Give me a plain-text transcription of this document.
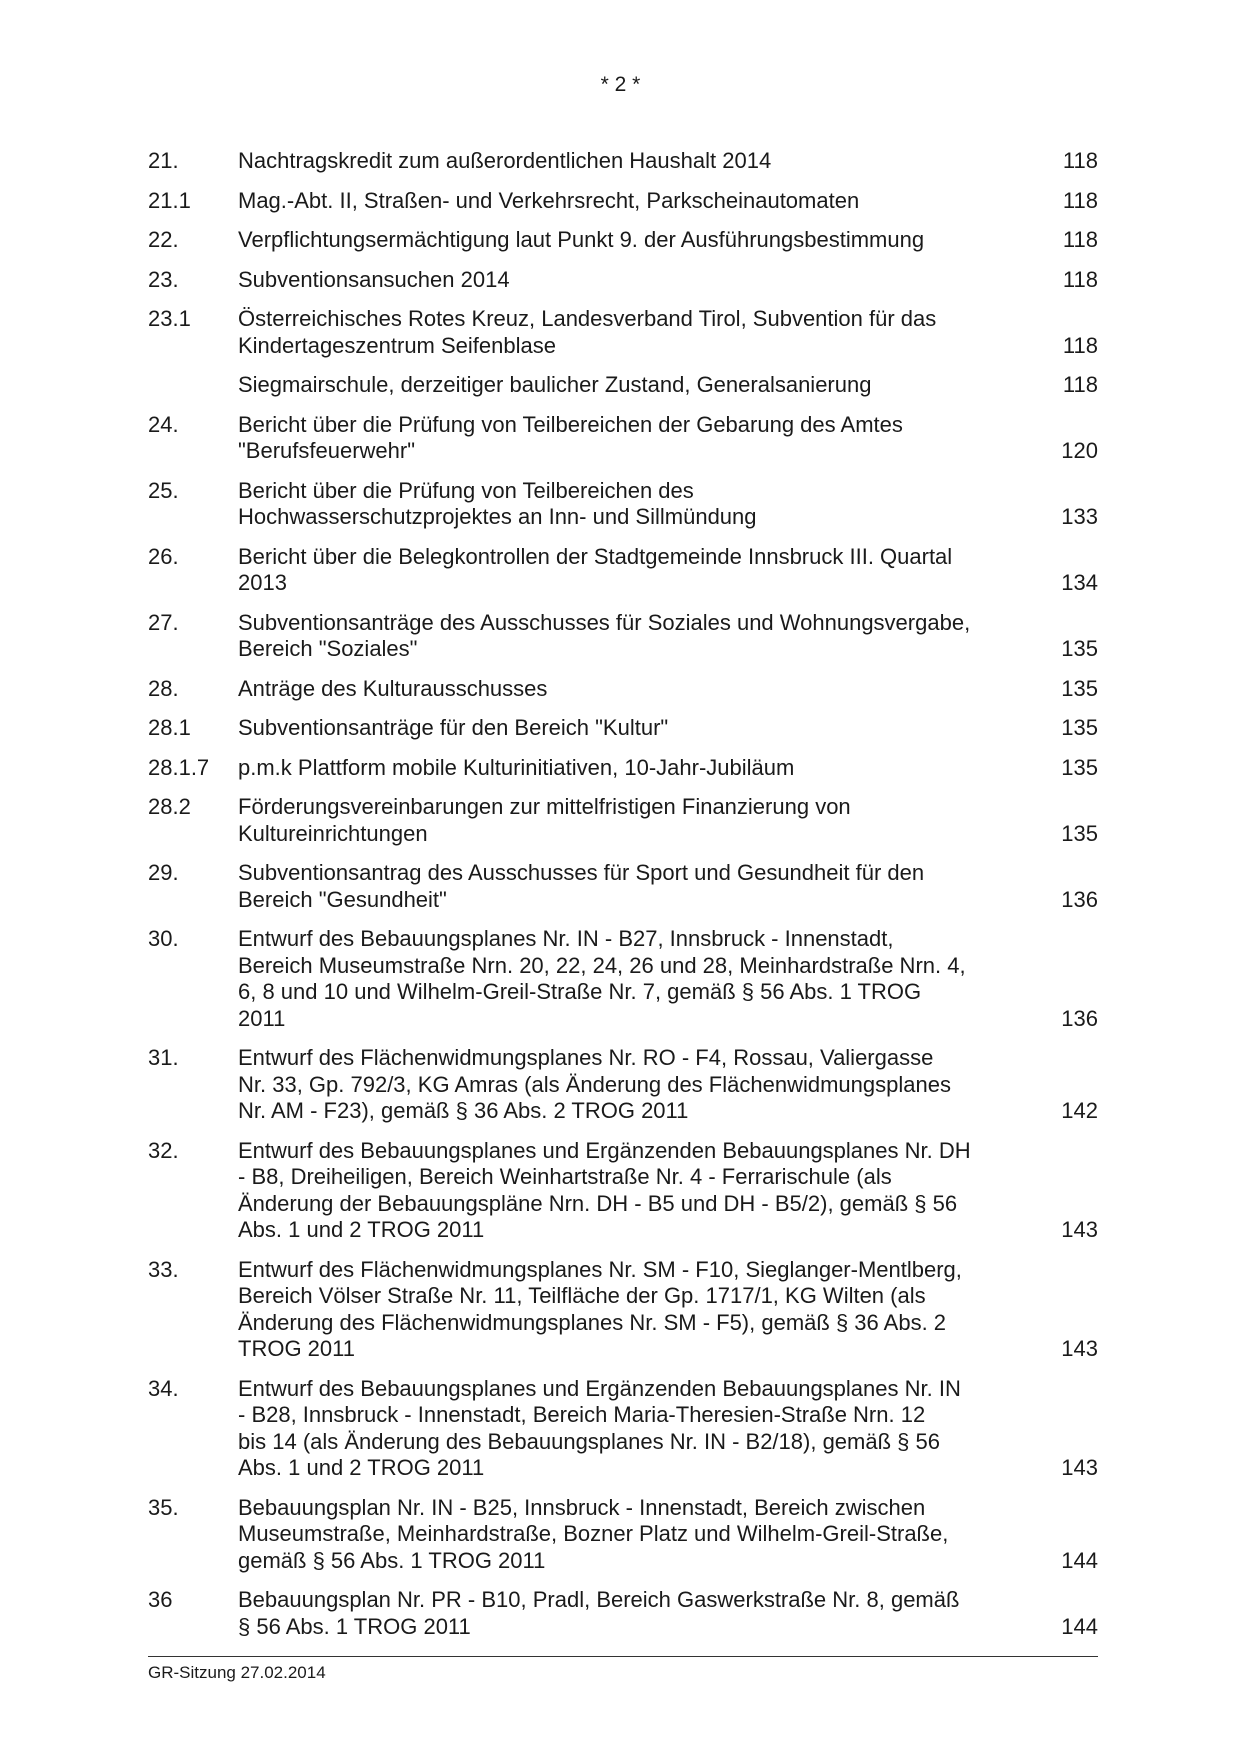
* 2 *
21.	Nachtragskredit zum außerordentlichen Haushalt 2014	118
21.1	Mag.-Abt. II, Straßen- und Verkehrsrecht, Parkscheinautomaten	118
22.	Verpflichtungsermächtigung laut Punkt 9. der Ausführungsbestimmung	118
23.	Subventionsansuchen 2014	118
23.1	Österreichisches Rotes Kreuz, Landesverband Tirol, Subvention für das
Kindertageszentrum Seifenblase	118
Siegmairschule, derzeitiger baulicher Zustand, Generalsanierung	118
24.	Bericht über die Prüfung von Teilbereichen der Gebarung des Amtes
"Berufsfeuerwehr"	120
25.	Bericht über die Prüfung von Teilbereichen des
Hochwasserschutzprojektes an Inn- und Sillmündung	133
26.	Bericht über die Belegkontrollen der Stadtgemeinde Innsbruck III. Quartal
2013	134
27.	Subventionsanträge des Ausschusses für Soziales und Wohnungsvergabe,
Bereich "Soziales"	135
28.	Anträge des Kulturausschusses	135
28.1	Subventionsanträge für den Bereich "Kultur"	135
28.1.7	p.m.k Plattform mobile Kulturinitiativen, 10-Jahr-Jubiläum	135
28.2	Förderungsvereinbarungen zur mittelfristigen Finanzierung von
Kultureinrichtungen	135
29.	Subventionsantrag des Ausschusses für Sport und Gesundheit für den
Bereich "Gesundheit"	136
30.	Entwurf des Bebauungsplanes Nr. IN - B27, Innsbruck - Innenstadt,
Bereich Museumstraße Nrn. 20, 22, 24, 26 und 28, Meinhardstraße Nrn. 4,
6, 8 und 10 und Wilhelm-Greil-Straße Nr. 7, gemäß § 56 Abs. 1 TROG
2011	136
31.	Entwurf des Flächenwidmungsplanes Nr. RO - F4, Rossau, Valiergasse
Nr. 33, Gp. 792/3, KG Amras (als Änderung des Flächenwidmungsplanes
Nr. AM - F23), gemäß § 36 Abs. 2 TROG 2011	142
32.	Entwurf des Bebauungsplanes und Ergänzenden Bebauungsplanes Nr. DH
- B8, Dreiheiligen, Bereich Weinhartstraße Nr. 4 - Ferrarischule (als
Änderung der Bebauungspläne Nrn. DH - B5 und DH - B5/2), gemäß § 56
Abs. 1 und 2 TROG 2011	143
33.	Entwurf des Flächenwidmungsplanes Nr. SM - F10, Sieglanger-Mentlberg,
Bereich Völser Straße Nr. 11, Teilfläche der Gp. 1717/1, KG Wilten (als
Änderung des Flächenwidmungsplanes Nr. SM - F5), gemäß § 36 Abs. 2
TROG 2011	143
34.	Entwurf des Bebauungsplanes und Ergänzenden Bebauungsplanes Nr. IN
- B28, Innsbruck - Innenstadt, Bereich Maria-Theresien-Straße Nrn. 12
bis 14 (als Änderung des Bebauungsplanes Nr. IN - B2/18), gemäß § 56
Abs. 1 und 2 TROG 2011	143
35.	Bebauungsplan Nr. IN - B25, Innsbruck - Innenstadt, Bereich zwischen
Museumstraße, Meinhardstraße, Bozner Platz und Wilhelm-Greil-Straße,
gemäß § 56 Abs. 1 TROG 2011	144
36	Bebauungsplan Nr. PR - B10, Pradl, Bereich Gaswerkstraße Nr. 8, gemäß
§ 56 Abs. 1 TROG 2011	144
GR-Sitzung 27.02.2014
